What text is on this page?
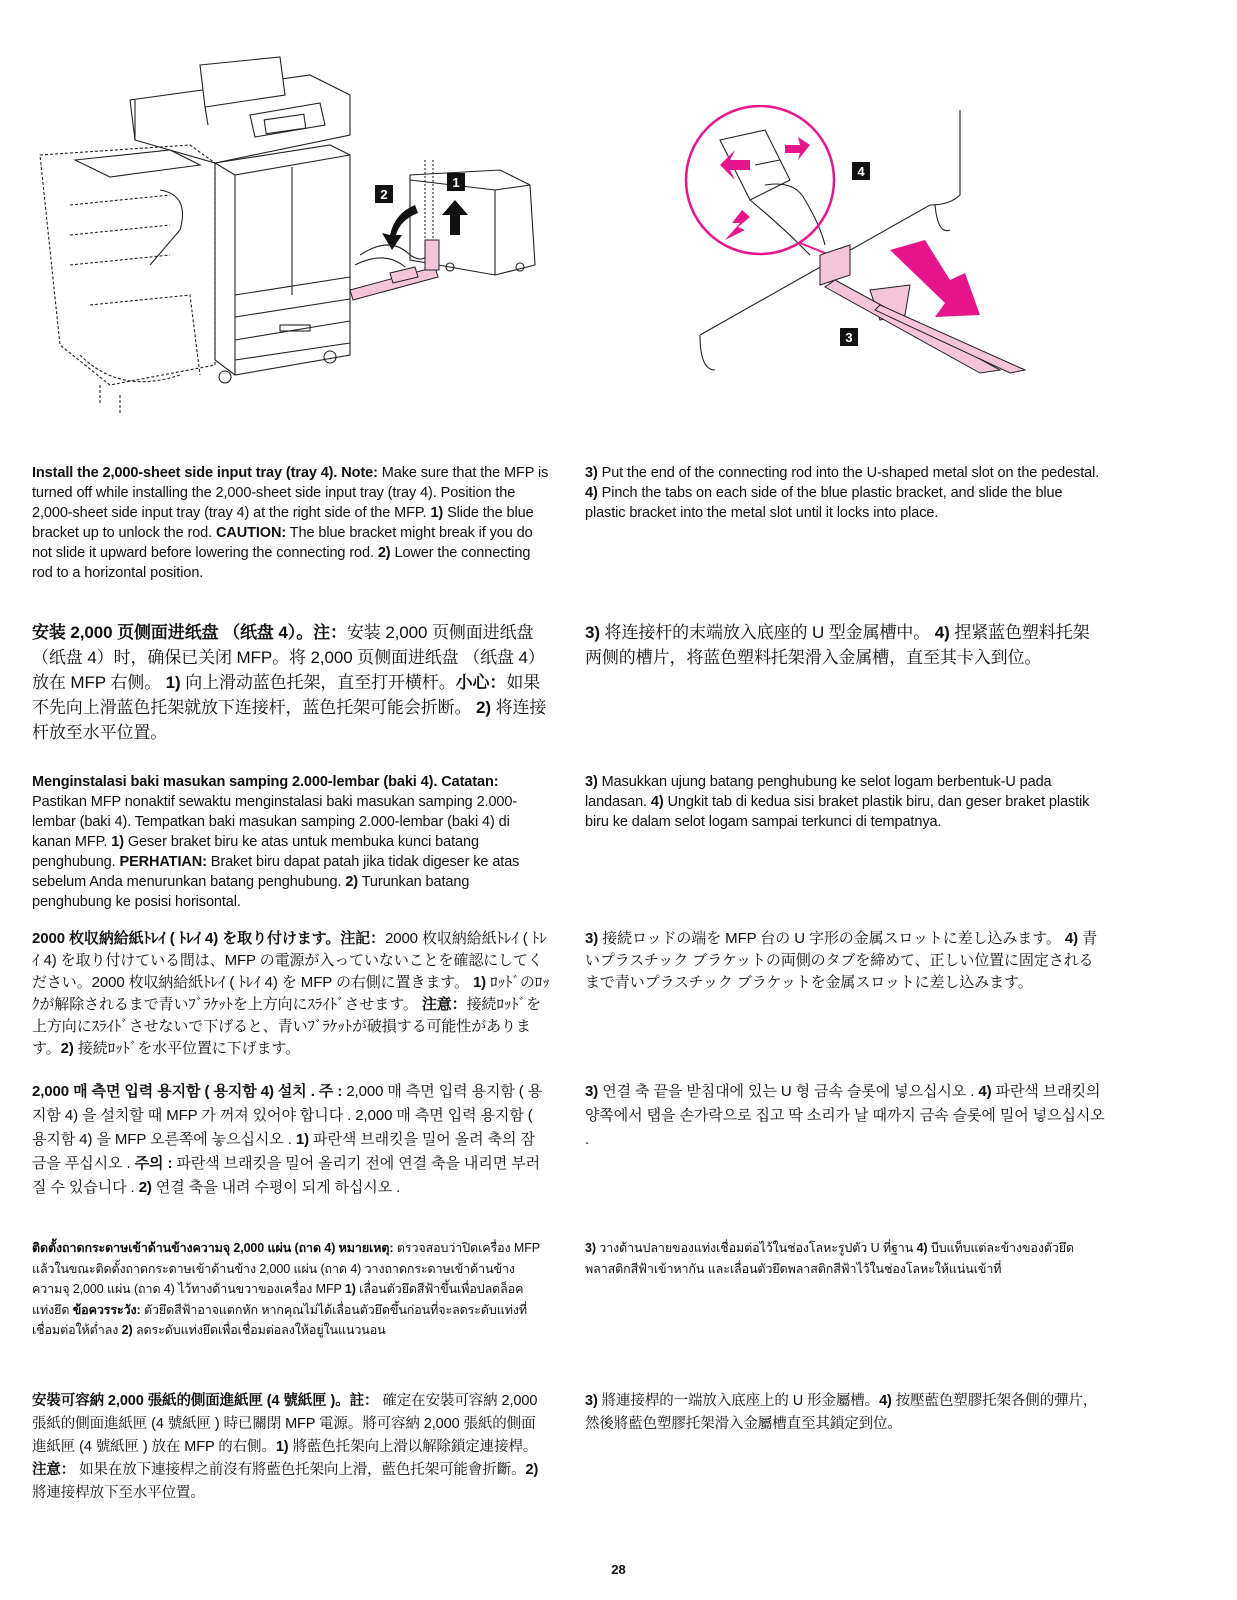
1
2
4
3

Install the 2,000-sheet side input tray (tray 4). Note: Make sure that the MFP is turned off while installing the 2,000-sheet side input tray (tray 4). Position the 2,000-sheet side input tray (tray 4) at the right side of the MFP. 1) Slide the blue bracket up to unlock the rod. CAUTION: The blue bracket might break if you do not slide it upward before lowering the connecting rod. 2) Lower the connecting rod to a horizontal position.

3) Put the end of the connecting rod into the U-shaped metal slot on the pedestal. 4) Pinch the tabs on each side of the blue plastic bracket, and slide the blue plastic bracket into the metal slot until it locks into place.

安装 2,000 页侧面进纸盘 （纸盘 4）。注：安装 2,000 页侧面进纸盘 （纸盘 4）时，确保已关闭 MFP。将 2,000 页侧面进纸盘 （纸盘 4）放在 MFP 右侧。 1) 向上滑动蓝色托架，直至打开横杆。小心：如果不先向上滑蓝色托架就放下连接杆，蓝色托架可能会折断。 2) 将连接杆放至水平位置。

3) 将连接杆的末端放入底座的 U 型金属槽中。 4) 捏紧蓝色塑料托架两侧的槽片，将蓝色塑料托架滑入金属槽，直至其卡入到位。

Menginstalasi baki masukan samping 2.000-lembar (baki 4). Catatan: Pastikan MFP nonaktif sewaktu menginstalasi baki masukan samping 2.000-lembar (baki 4). Tempatkan baki masukan samping 2.000-lembar (baki 4) di kanan MFP. 1) Geser braket biru ke atas untuk membuka kunci batang penghubung. PERHATIAN: Braket biru dapat patah jika tidak digeser ke atas sebelum Anda menurunkan batang penghubung. 2) Turunkan batang penghubung ke posisi horisontal.

3) Masukkan ujung batang penghubung ke selot logam berbentuk-U pada landasan. 4) Ungkit tab di kedua sisi braket plastik biru, dan geser braket plastik biru ke dalam selot logam sampai terkunci di tempatnya.

2000 枚収納給紙ﾄﾚｲ ( ﾄﾚｲ 4) を取り付けます。注記：2000 枚収納給紙ﾄﾚｲ ( ﾄﾚｲ 4) を取り付けている間は、MFP の電源が入っていないことを確認にしてください。2000 枚収納給紙ﾄﾚｲ ( ﾄﾚｲ 4) を MFP の右側に置きます。 1) ﾛｯﾄﾞのﾛｯｸが解除されるまで青いﾌﾞﾗｹｯﾄを上方向にｽﾗｲﾄﾞさせます。 注意：接続ﾛｯﾄﾞを上方向にｽﾗｲﾄﾞさせないで下げると、青いﾌﾞﾗｹｯﾄが破損する可能性があります。2) 接続ﾛｯﾄﾞを水平位置に下げます。

3) 接続ロッドの端を MFP 台の U 字形の金属スロットに差し込みます。 4) 青いプラスチック ブラケットの両側のタブを締めて、正しい位置に固定されるまで青いプラスチック ブラケットを金属スロットに差し込みます。

2,000 매 측면 입력 용지함 ( 용지함 4) 설치 . 주 : 2,000 매 측면 입력 용지함 ( 용지함 4) 을 설치할 때 MFP 가 꺼져 있어야 합니다 . 2,000 매 측면 입력 용지함 ( 용지함 4) 을 MFP 오른쪽에 놓으십시오 . 1) 파란색 브래킷을 밀어 올려 축의 잠금을 푸십시오 . 주의 : 파란색 브래킷을 밀어 올리기 전에 연결 축을 내리면 부러질 수 있습니다 . 2) 연결 축을 내려 수평이 되게 하십시오 .

3) 연결 축 끝을 받침대에 있는 U 형 금속 슬롯에 넣으십시오 . 4) 파란색 브래킷의 양쪽에서 탭을 손가락으로 집고 딱 소리가 날 때까지 금속 슬롯에 밀어 넣으십시오 .

ติดตั้งถาดกระดาษเข้าด้านข้างความจุ 2,000 แผ่น (ถาด 4) หมายเหตุ: ตรวจสอบว่าปิดเครื่อง MFP แล้วในขณะติดตั้งถาดกระดาษเข้าด้านข้าง 2,000 แผ่น (ถาด 4) วางถาดกระดาษเข้าด้านข้างความจุ 2,000 แผ่น (ถาด 4) ไว้ทางด้านขวาของเครื่อง MFP 1) เลื่อนตัวยึดสีฟ้าขึ้นเพื่อปลดล็อคแท่งยึด ข้อควรระวัง: ตัวยึดสีฟ้าอาจแตกหัก หากคุณไม่ได้เลื่อนตัวยึดขึ้นก่อนที่จะลดระดับแท่งที่เชื่อมต่อให้ต่ำลง 2) ลดระดับแท่งยึดเพื่อเชื่อมต่อลงให้อยู่ในแนวนอน

3) วางด้านปลายของแท่งเชื่อมต่อไว้ในช่องโลหะรูปตัว U ที่ฐาน 4) บีบแท็บแต่ละข้างของตัวยึดพลาสติกสีฟ้าเข้าหากัน และเลื่อนตัวยึดพลาสติกสีฟ้าไว้ในช่องโลหะให้แน่นเข้าที่

安裝可容納 2,000 張紙的側面進紙匣 (4 號紙匣 )。註： 確定在安裝可容納 2,000 張紙的側面進紙匣 (4 號紙匣 ) 時已關閉 MFP 電源。將可容納 2,000 張紙的側面進紙匣 (4 號紙匣 ) 放在 MFP 的右側。1) 將藍色托架向上滑以解除鎖定連接桿。注意： 如果在放下連接桿之前沒有將藍色托架向上滑，藍色托架可能會折斷。2) 將連接桿放下至水平位置。

3) 將連接桿的一端放入底座上的 U 形金屬槽。4) 按壓藍色塑膠托架各側的彈片，然後將藍色塑膠托架滑入金屬槽直至其鎖定到位。

28
